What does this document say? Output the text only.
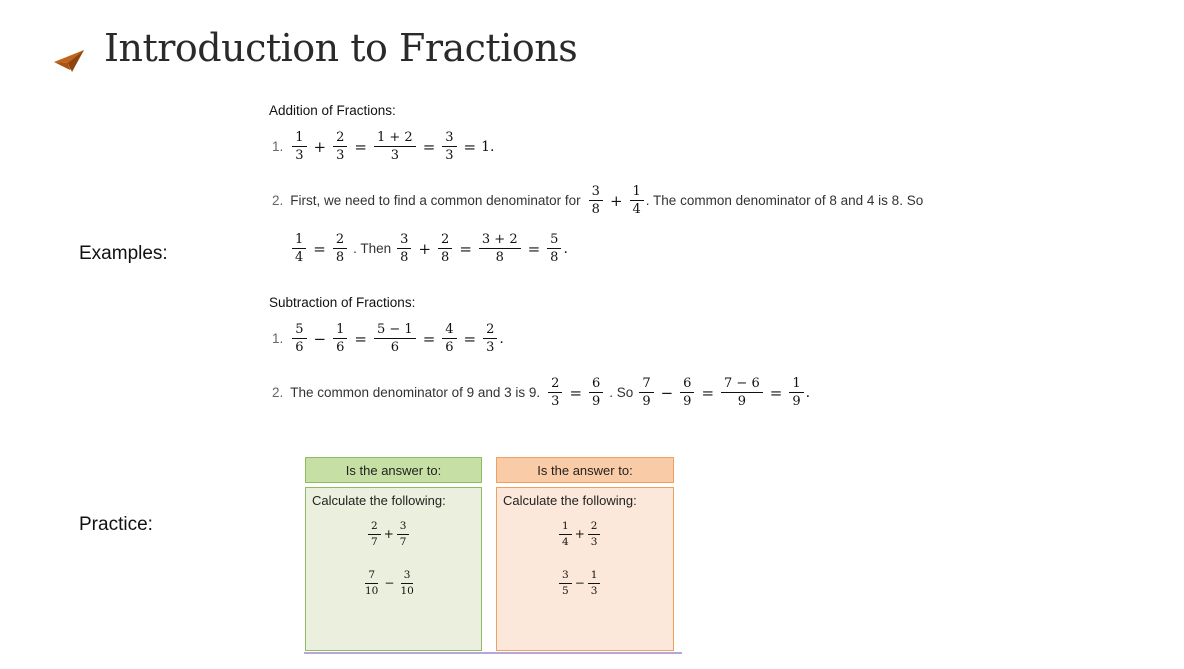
Introduction to Fractions
Examples:
Practice:
Addition of Fractions:
1. $\frac{1}{3} + \frac{2}{3} = \frac{1 + 2}{3} = \frac{3}{3} = 1$.
2. First, we need to find a common denominator for $\frac{3}{8} + \frac{1}{4}$ . The common denominator of 8 and 4 is 8. So
$\frac{1}{4} = \frac{2}{8}$ . Then $\frac{3}{8} + \frac{2}{8} = \frac{3 + 2}{8} = \frac{5}{8}$ .
Subtraction of Fractions:
1. $\frac{5}{6} - \frac{1}{6} = \frac{5 - 1}{6} = \frac{4}{6} = \frac{2}{3}$ .
2. The common denominator of 9 and 3 is 9. $\frac{2}{3} = \frac{6}{9}$ . So $\frac{7}{9} - \frac{6}{9} = \frac{7 - 6}{9} = \frac{1}{9}$ .
Is the answer to:
Calculate the following:
$\frac{2}{7} + \frac{3}{7}$
$\frac{7}{10} - \frac{3}{10}$
Is the answer to:
Calculate the following:
$\frac{1}{4} + \frac{2}{3}$
$\frac{3}{5} - \frac{1}{3}$
